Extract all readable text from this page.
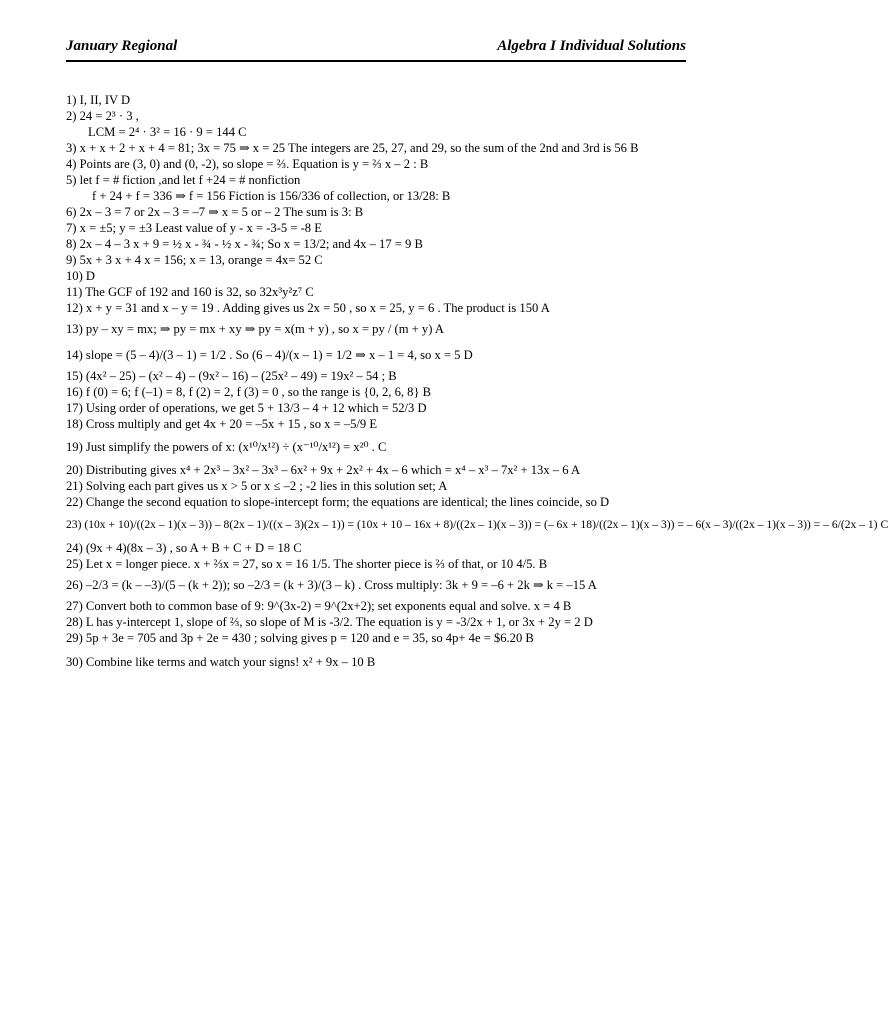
January Regional	Algebra I Individual Solutions
1) I, II, IV D
2) 24 = 2³ · 3 ,
LCM = 2⁴ · 3² = 16 · 9 = 144 C
3) x + x + 2 + x + 4 = 81; 3x = 75 ⇒ x = 25 The integers are 25, 27, and 29, so the sum of the 2nd and 3rd is 56 B
4) Points are (3, 0) and (0, -2), so slope = ⅔. Equation is y = ⅔ x – 2 : B
5) let f = # fiction ,and let f +24 = # nonfiction
f + 24 + f = 336 ⇒ f = 156 Fiction is 156/336 of collection, or 13/28: B
6) 2x – 3 = 7 or 2x – 3 = –7 ⇒ x = 5 or – 2 The sum is 3: B
7) x = ±5; y = ±3 Least value of y - x = -3-5 = -8 E
8) 2x – 4 – 3 x + 9 = ½ x - ¾ - ½ x - ¾; So x = 13/2; and 4x – 17 = 9 B
9) 5x + 3 x + 4 x = 156; x = 13, orange = 4x= 52 C
10) D
11) The GCF of 192 and 160 is 32, so 32x³y²z⁷ C
12) x + y = 31 and x – y = 19 . Adding gives us 2x = 50 , so x = 25, y = 6 . The product is 150 A
13) py – xy = mx; ⇒ py = mx + xy ⇒ py = x(m + y) , so x = py / (m + y) A
14) slope = (5 – 4)/(3 – 1) = 1/2 . So (6 – 4)/(x – 1) = 1/2 ⇒ x – 1 = 4, so x = 5 D
15) (4x² – 25) – (x² – 4) – (9x² – 16) – (25x² – 49) = 19x² – 54 ; B
16) f (0) = 6; f (–1) = 8, f (2) = 2, f (3) = 0 , so the range is {0, 2, 6, 8} B
17) Using order of operations, we get 5 + 13/3 – 4 + 12 which = 52/3 D
18) Cross multiply and get 4x + 20 = –5x + 15 , so x = –5/9 E
19) Just simplify the powers of x: (x¹⁰/x¹²) ÷ (x⁻¹⁰/x¹²) = x²⁰ . C
20) Distributing gives x⁴ + 2x³ – 3x² – 3x³ – 6x² + 9x + 2x² + 4x – 6 which = x⁴ – x³ – 7x² + 13x – 6 A
21) Solving each part gives us x > 5 or x ≤ –2 ; -2 lies in this solution set; A
22) Change the second equation to slope-intercept form; the equations are identical; the lines coincide, so D
23) (10x + 10)/((2x – 1)(x – 3)) – 8(2x – 1)/((x – 3)(2x – 1)) = (10x + 10 – 16x + 8)/((2x – 1)(x – 3)) = (– 6x + 18)/((2x – 1)(x – 3)) = – 6(x – 3)/((2x – 1)(x – 3)) = – 6/(2x – 1) C
24) (9x + 4)(8x – 3) , so A + B + C + D = 18 C
25) Let x = longer piece. x + ⅔x = 27, so x = 16 1/5. The shorter piece is ⅔ of that, or 10 4/5. B
26) –2/3 = (k – –3)/(5 – (k + 2)); so –2/3 = (k + 3)/(3 – k) . Cross multiply: 3k + 9 = –6 + 2k ⇒ k = –15 A
27) Convert both to common base of 9: 9^(3x-2) = 9^(2x+2); set exponents equal and solve. x = 4 B
28) L has y-intercept 1, slope of ⅔, so slope of M is -3/2. The equation is y = -3/2x + 1, or 3x + 2y = 2 D
29) 5p + 3e = 705 and 3p + 2e = 430 ; solving gives p = 120 and e = 35, so 4p+ 4e = $6.20 B
30) Combine like terms and watch your signs! x² + 9x – 10 B
